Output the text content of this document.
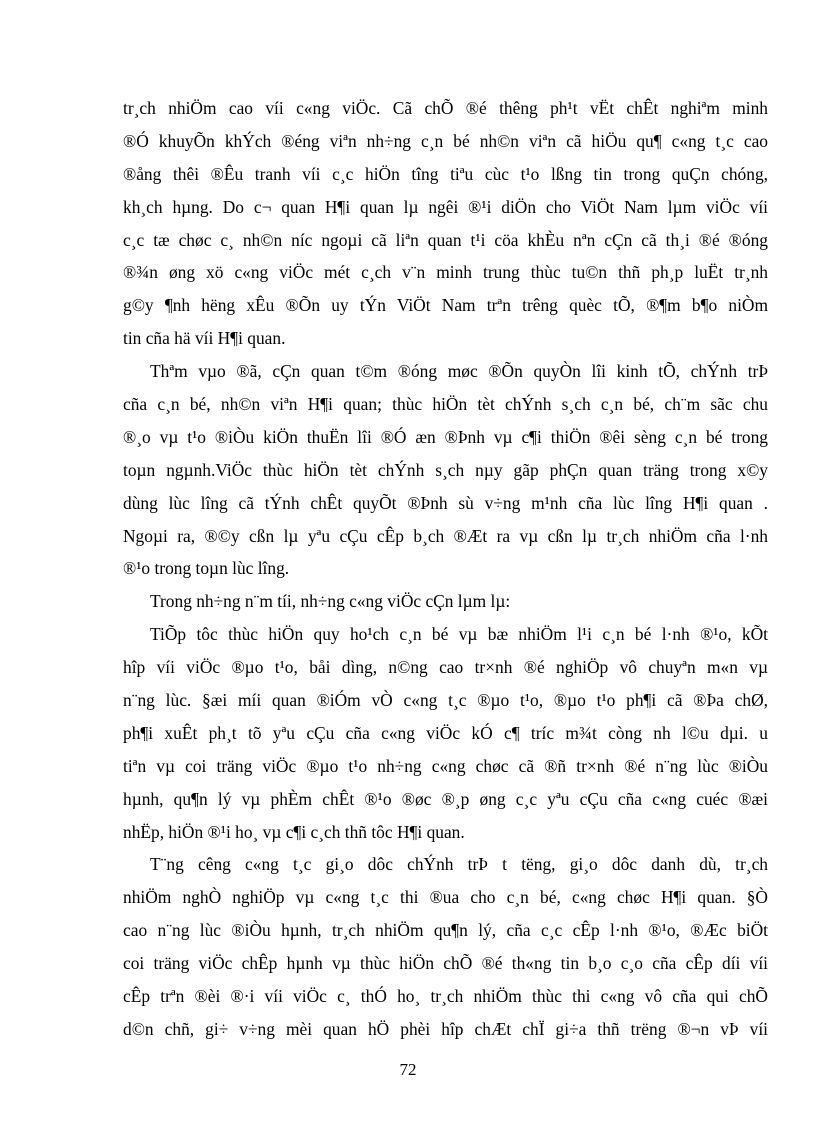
tr¸ch nhiÖm cao víi c«ng viÖc. Cã chÕ ®é thêng ph¹t vËt chÊt nghiªm minh
®Ó khuyÕn khÝch ®éng viªn nh÷ng c¸n bé nh©n viªn cã hiÖu qu¶ c«ng t¸c cao
®ång thêi ®Êu tranh víi c¸c hiÖn tîng tiªu cùc t¹o lßng tin trong quÇn chóng,
kh¸ch hµng. Do c¬ quan H¶i quan lµ ngêi ®¹i diÖn cho ViÖt Nam lµm viÖc víi
c¸c tæ chøc c¸ nh©n níc ngoµi cã liªn quan t¹i cöa khÈu nªn cÇn cã th¸i ®é ®óng
®¾n øng xö c«ng viÖc mét c¸ch v¨n minh trung thùc tu©n thñ ph¸p luËt tr¸nh
g©y ¶nh hëng xÊu ®Õn uy tÝn ViÖt Nam trªn trêng quèc tÕ, ®¶m b¶o niÒm
tin cña hä víi H¶i quan.
Thªm vµo ®ã, cÇn quan t©m ®óng møc ®Õn quyÒn lîi kinh tÕ, chÝnh trÞ
cña c¸n bé, nh©n viªn H¶i quan; thùc hiÖn tèt chÝnh s¸ch c¸n bé, ch¨m sãc chu
®¸o vµ t¹o ®iÒu kiÖn thuËn lîi ®Ó æn ®Þnh vµ c¶i thiÖn ®êi sèng c¸n bé trong
toµn ngµnh.ViÖc thùc hiÖn tèt chÝnh s¸ch nµy gãp phÇn quan träng trong x©y
dùng lùc lîng cã tÝnh chÊt quyÕt ®Þnh sù v÷ng m¹nh cña lùc lîng H¶i quan .
Ngoµi ra, ®©y cßn lµ yªu cÇu cÊp b¸ch ®Æt ra vµ cßn lµ tr¸ch nhiÖm cña l·nh
®¹o trong toµn lùc lîng.
Trong nh÷ng n¨m tíi, nh÷ng c«ng viÖc cÇn lµm lµ:
TiÕp tôc thùc hiÖn quy ho¹ch c¸n bé vµ bæ nhiÖm l¹i c¸n bé l·nh ®¹o, kÕt
hîp víi viÖc ®µo t¹o, båi dìng, n©ng cao tr×nh ®é nghiÖp vô chuyªn m«n vµ
n¨ng lùc. §æi míi quan ®iÓm vÒ c«ng t¸c ®µo t¹o, ®µo t¹o ph¶i cã ®Þa chØ,
ph¶i xuÊt ph¸t tõ yªu cÇu cña c«ng viÖc kÓ c¶ tríc m¾t còng nh l©u dµi. u
tiªn vµ coi träng viÖc ®µo t¹o nh÷ng c«ng chøc cã ®ñ tr×nh ®é n¨ng lùc ®iÒu
hµnh, qu¶n lý vµ phÈm chÊt ®¹o ®øc ®¸p øng c¸c yªu cÇu cña c«ng cuéc ®æi
nhËp, hiÖn ®¹i ho¸ vµ c¶i c¸ch thñ tôc H¶i quan.
T¨ng cêng c«ng t¸c gi¸o dôc chÝnh trÞ t tëng, gi¸o dôc danh dù, tr¸ch
nhiÖm nghÒ nghiÖp vµ c«ng t¸c thi ®ua cho c¸n bé, c«ng chøc H¶i quan. §Ò
cao n¨ng lùc ®iÒu hµnh, tr¸ch nhiÖm qu¶n lý, cña c¸c cÊp l·nh ®¹o, ®Æc biÖt
coi träng viÖc chÊp hµnh vµ thùc hiÖn chÕ ®é th«ng tin b¸o c¸o cña cÊp díi víi
cÊp trªn ®èi ®·i víi viÖc c¸ thÓ ho¸ tr¸ch nhiÖm thùc thi c«ng vô cña qui chÕ
d©n chñ, gi÷ v÷ng mèi quan hÖ phèi hîp chÆt chÏ gi÷a thñ trëng ®¬n vÞ víi
72
